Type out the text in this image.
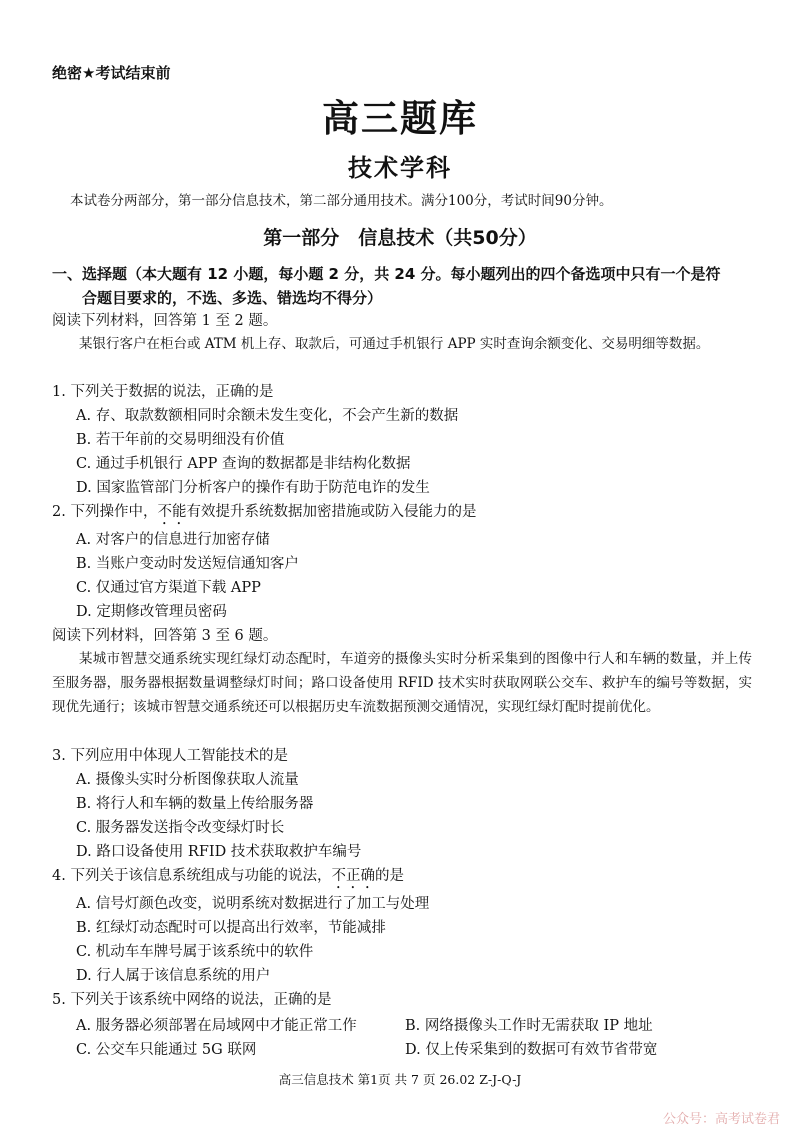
绝密★考试结束前
高三题库
技术学科
本试卷分两部分，第一部分信息技术，第二部分通用技术。满分100分，考试时间90分钟。
第一部分　信息技术（共50分）
一、选择题（本大题有 12 小题，每小题 2 分，共 24 分。每小题列出的四个备选项中只有一个是符
合题目要求的，不选、多选、错选均不得分）
阅读下列材料，回答第 1 至 2 题。
某银行客户在柜台或 ATM 机上存、取款后，可通过手机银行 APP 实时查询余额变化、交易明细等数据。
1. 下列关于数据的说法，正确的是
A. 存、取款数额相同时余额未发生变化，不会产生新的数据
B. 若干年前的交易明细没有价值
C. 通过手机银行 APP 查询的数据都是非结构化数据
D. 国家监管部门分析客户的操作有助于防范电诈的发生
2. 下列操作中，不能有效提升系统数据加密措施或防入侵能力的是
A. 对客户的信息进行加密存储
B. 当账户变动时发送短信通知客户
C. 仅通过官方渠道下载 APP
D. 定期修改管理员密码
阅读下列材料，回答第 3 至 6 题。
某城市智慧交通系统实现红绿灯动态配时，车道旁的摄像头实时分析采集到的图像中行人和车辆的数量，并上传至服务器，服务器根据数量调整绿灯时间；路口设备使用 RFID 技术实时获取网联公交车、救护车的编号等数据，实现优先通行；该城市智慧交通系统还可以根据历史车流数据预测交通情况，实现红绿灯配时提前优化。
3. 下列应用中体现人工智能技术的是
A. 摄像头实时分析图像获取人流量
B. 将行人和车辆的数量上传给服务器
C. 服务器发送指令改变绿灯时长
D. 路口设备使用 RFID 技术获取救护车编号
4. 下列关于该信息系统组成与功能的说法，不正确的是
A. 信号灯颜色改变，说明系统对数据进行了加工与处理
B. 红绿灯动态配时可以提高出行效率，节能减排
C. 机动车车牌号属于该系统中的软件
D. 行人属于该信息系统的用户
5. 下列关于该系统中网络的说法，正确的是
A. 服务器必须部署在局域网中才能正常工作	B. 网络摄像头工作时无需获取 IP 地址
C. 公交车只能通过 5G 联网	D. 仅上传采集到的数据可有效节省带宽
高三信息技术 第1页 共 7 页 26.02 Z-J-Q-J
公众号：高考试卷君
